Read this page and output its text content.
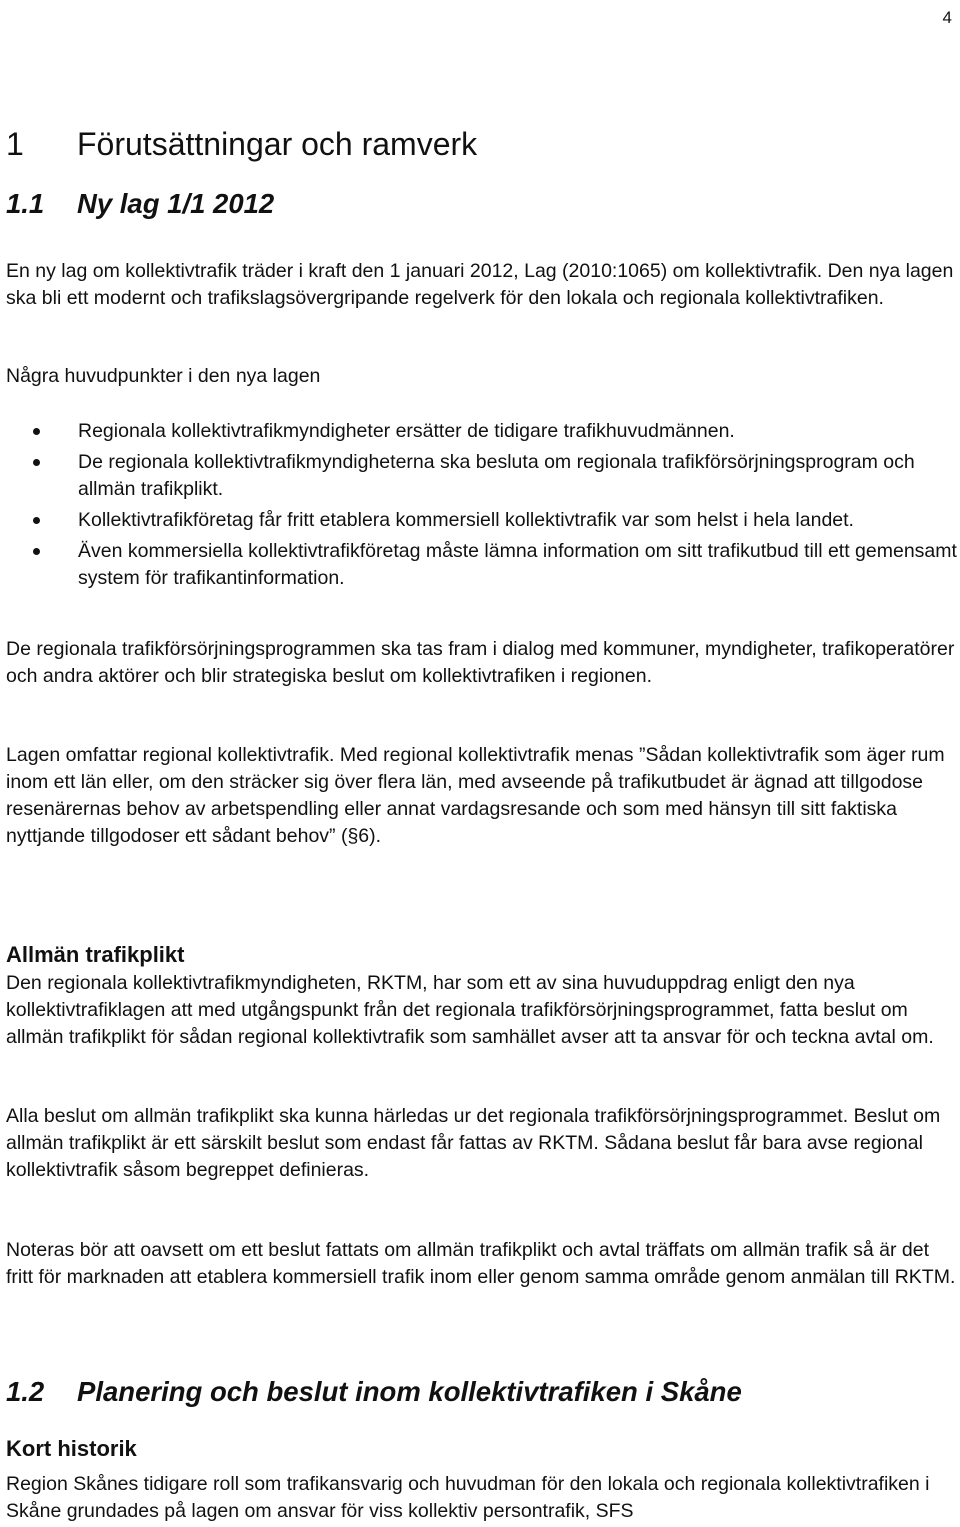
4
1 Förutsättningar och ramverk
1.1 Ny lag 1/1 2012

En ny lag om kollektivtrafik träder i kraft den 1 januari 2012, Lag (2010:1065) om kollektivtrafik. Den nya lagen ska bli ett modernt och trafikslagsövergripande regelverk för den lokala och regionala kollektivtrafiken.

Några huvudpunkter i den nya lagen

Regionala kollektivtrafikmyndigheter ersätter de tidigare trafikhuvudmännen.
De regionala kollektivtrafikmyndigheterna ska besluta om regionala trafikförsörjningsprogram och allmän trafikplikt.
Kollektivtrafikföretag får fritt etablera kommersiell kollektivtrafik var som helst i hela landet.
Även kommersiella kollektivtrafikföretag måste lämna information om sitt trafikutbud till ett gemensamt system för trafikantinformation.

De regionala trafikförsörjningsprogrammen ska tas fram i dialog med kommuner, myndigheter, trafikoperatörer och andra aktörer och blir strategiska beslut om kollektivtrafiken i regionen.

Lagen omfattar regional kollektivtrafik. Med regional kollektivtrafik menas ”Sådan kollektivtrafik som äger rum inom ett län eller, om den sträcker sig över flera län, med avseende på trafikutbudet är ägnad att tillgodose resenärernas behov av arbetspendling eller annat vardagsresande och som med hänsyn till sitt faktiska nyttjande tillgodoser ett sådant behov” (§6).

Allmän trafikplikt

Den regionala kollektivtrafikmyndigheten, RKTM, har som ett av sina huvuduppdrag enligt den nya kollektivtrafiklagen att med utgångspunkt från det regionala trafikförsörjningsprogrammet, fatta beslut om allmän trafikplikt för sådan regional kollektivtrafik som samhället avser att ta ansvar för och teckna avtal om.

Alla beslut om allmän trafikplikt ska kunna härledas ur det regionala trafikförsörjningsprogrammet. Beslut om allmän trafikplikt är ett särskilt beslut som endast får fattas av RKTM. Sådana beslut får bara avse regional kollektivtrafik såsom begreppet definieras.

Noteras bör att oavsett om ett beslut fattats om allmän trafikplikt och avtal träffats om allmän trafik så är det fritt för marknaden att etablera kommersiell trafik inom eller genom samma område genom anmälan till RKTM.

1.2 Planering och beslut inom kollektivtrafiken i Skåne
Kort historik

Region Skånes tidigare roll som trafikansvarig och huvudman för den lokala och regionala kollektivtrafiken i Skåne grundades på lagen om ansvar för viss kollektiv persontrafik, SFS
